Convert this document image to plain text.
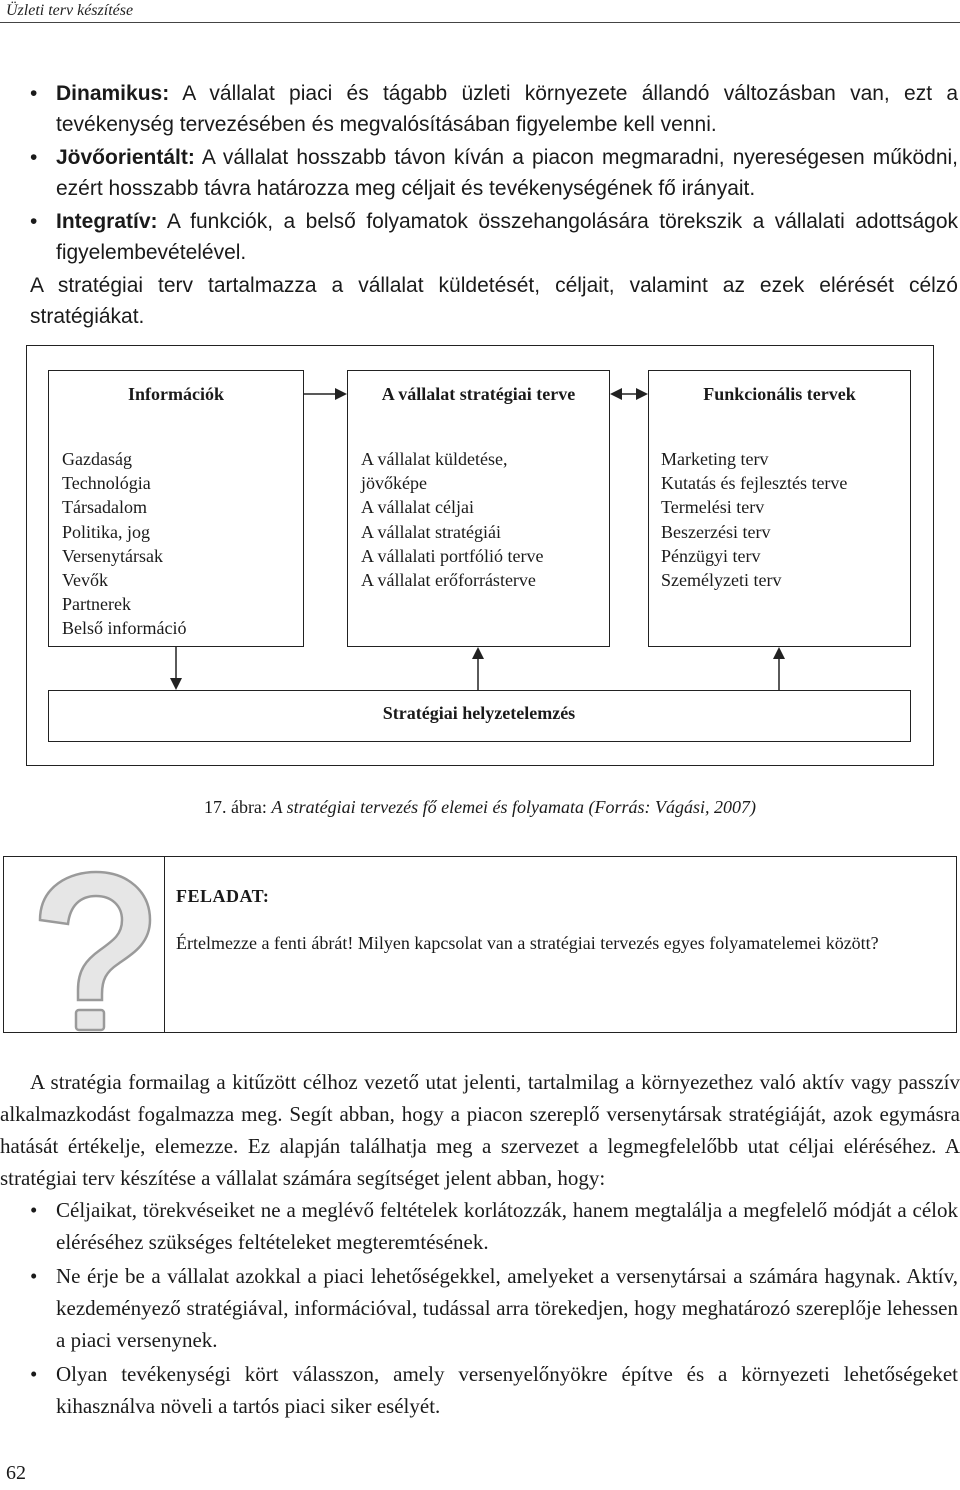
Üzleti terv készítése
• Dinamikus: A vállalat piaci és tágabb üzleti környezete állandó változásban van, ezt a tevékenység tervezésében és megvalósításában figyelembe kell venni.
• Jövőorientált: A vállalat hosszabb távon kíván a piacon megmaradni, nyereségesen működni, ezért hosszabb távra határozza meg céljait és tevékenységének fő irányait.
• Integratív: A funkciók, a belső folyamatok összehangolására törekszik a vállalati adottságok figyelembevételével.
A stratégiai terv tartalmazza a vállalat küldetését, céljait, valamint az ezek elérését célzó stratégiákat.
Információk	A vállalat stratégiai terve	Funkcionális tervek
Gazdaság
Technológia
Társadalom
Politika, jog
Versenytársak
Vevők
Partnerek
Belső információ
A vállalat küldetése,
jövőképe
A vállalat céljai
A vállalat stratégiái
A vállalati portfólió terve
A vállalat erőforrásterve
Marketing terv
Kutatás és fejlesztés terve
Termelési terv
Beszerzési terv
Pénzügyi terv
Személyzeti terv
Stratégiai helyzetelemzés
17. ábra: A stratégiai tervezés fő elemei és folyamata (Forrás: Vágási, 2007)
FELADAT:
Értelmezze a fenti ábrát! Milyen kapcsolat van a stratégiai tervezés egyes folyamatelemei között?
A stratégia formailag a kitűzött célhoz vezető utat jelenti, tartalmilag a környezethez való aktív vagy passzív alkalmazkodást fogalmazza meg. Segít abban, hogy a piacon szereplő versenytársak stratégiáját, azok egymásra hatását értékelje, elemezze. Ez alapján találhatja meg a szervezet a legmegfelelőbb utat céljai eléréséhez. A stratégiai terv készítése a vállalat számára segítséget jelent abban, hogy:
• Céljaikat, törekvéseiket ne a meglévő feltételek korlátozzák, hanem megtalálja a megfelelő módját a célok eléréséhez szükséges feltételeket megteremtésének.
• Ne érje be a vállalat azokkal a piaci lehetőségekkel, amelyeket a versenytársai a számára hagynak. Aktív, kezdeményező stratégiával, információval, tudással arra törekedjen, hogy meghatározó szereplője lehessen a piaci versenynek.
• Olyan tevékenységi kört válasszon, amely versenyelőnyökre építve és a környezeti lehetőségeket kihasználva növeli a tartós piaci siker esélyét.
62
